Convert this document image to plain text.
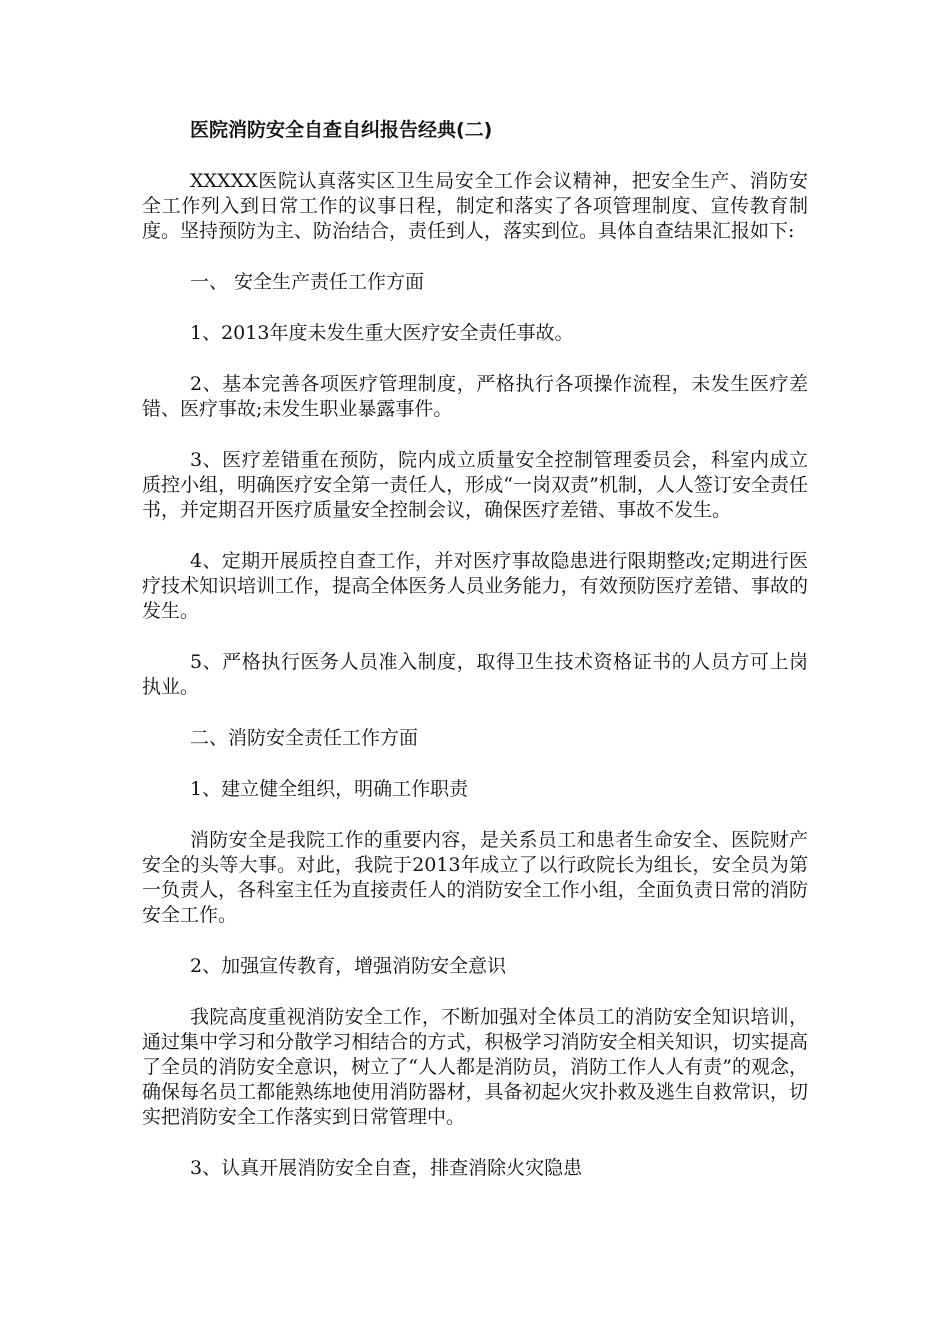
医院消防安全自查自纠报告经典(二)

XXXXX医院认真落实区卫生局安全工作会议精神，把安全生产、消防安全工作列入到日常工作的议事日程，制定和落实了各项管理制度、宣传教育制度。坚持预防为主、防治结合，责任到人，落实到位。具体自查结果汇报如下:

一、 安全生产责任工作方面

1、2013年度未发生重大医疗安全责任事故。

2、基本完善各项医疗管理制度，严格执行各项操作流程，未发生医疗差错、医疗事故;未发生职业暴露事件。

3、医疗差错重在预防，院内成立质量安全控制管理委员会，科室内成立质控小组，明确医疗安全第一责任人，形成“一岗双责”机制，人人签订安全责任书，并定期召开医疗质量安全控制会议，确保医疗差错、事故不发生。

4、定期开展质控自查工作，并对医疗事故隐患进行限期整改;定期进行医疗技术知识培训工作，提高全体医务人员业务能力，有效预防医疗差错、事故的发生。

5、严格执行医务人员准入制度，取得卫生技术资格证书的人员方可上岗执业。

二、消防安全责任工作方面

1、建立健全组织，明确工作职责

消防安全是我院工作的重要内容，是关系员工和患者生命安全、医院财产安全的头等大事。对此，我院于2013年成立了以行政院长为组长，安全员为第一负责人，各科室主任为直接责任人的消防安全工作小组，全面负责日常的消防安全工作。

2、加强宣传教育，增强消防安全意识

我院高度重视消防安全工作，不断加强对全体员工的消防安全知识培训，通过集中学习和分散学习相结合的方式，积极学习消防安全相关知识，切实提高了全员的消防安全意识，树立了“人人都是消防员，消防工作人人有责”的观念，确保每名员工都能熟练地使用消防器材，具备初起火灾扑救及逃生自救常识，切实把消防安全工作落实到日常管理中。

3、认真开展消防安全自查，排查消除火灾隐患
